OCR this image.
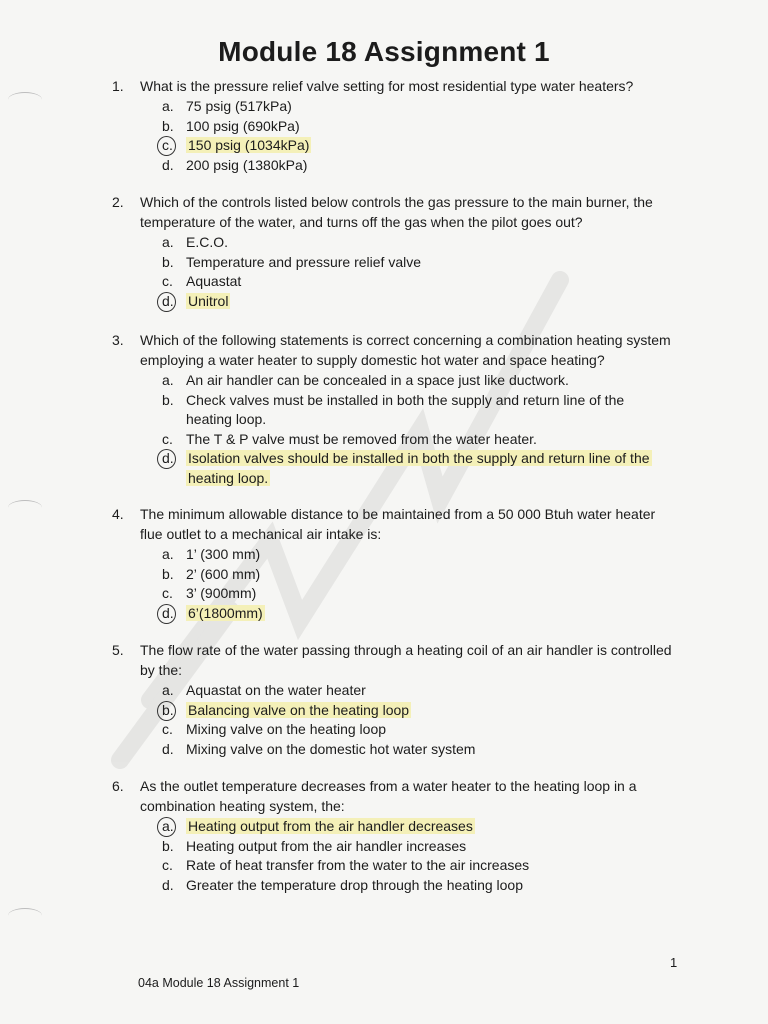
Module 18 Assignment 1
1. What is the pressure relief valve setting for most residential type water heaters?
a. 75 psig (517kPa)
b. 100 psig (690kPa)
c.	150 psig (1034kPa)
d. 200 psig (1380kPa)
2. Which of the controls listed below controls the gas pressure to the main burner, the temperature of the water, and turns off the gas when the pilot goes out?
a. E.C.O.
b. Temperature and pressure relief valve
c. Aquastat
d.	Unitrol
3. Which of the following statements is correct concerning a combination heating system employing a water heater to supply domestic hot water and space heating?
a. An air handler can be concealed in a space just like ductwork.
b. Check valves must be installed in both the supply and return line of the heating loop.
c. The T & P valve must be removed from the water heater.
d.	Isolation valves should be installed in both the supply and return line of the heating loop.
4. The minimum allowable distance to be maintained from a 50 000 Btuh water heater flue outlet to a mechanical air intake is:
a. 1’ (300 mm)
b. 2’ (600 mm)
c. 3’ (900mm)
d.	6’(1800mm)
5. The flow rate of the water passing through a heating coil of an air handler is controlled by the:
a. Aquastat on the water heater
b.	Balancing valve on the heating loop
c. Mixing valve on the heating loop
d. Mixing valve on the domestic hot water system
6. As the outlet temperature decreases from a water heater to the heating loop in a combination heating system, the:
a.	Heating output from the air handler decreases
b. Heating output from the air handler increases
c. Rate of heat transfer from the water to the air increases
d. Greater the temperature drop through the heating loop
1
04a Module 18 Assignment 1
